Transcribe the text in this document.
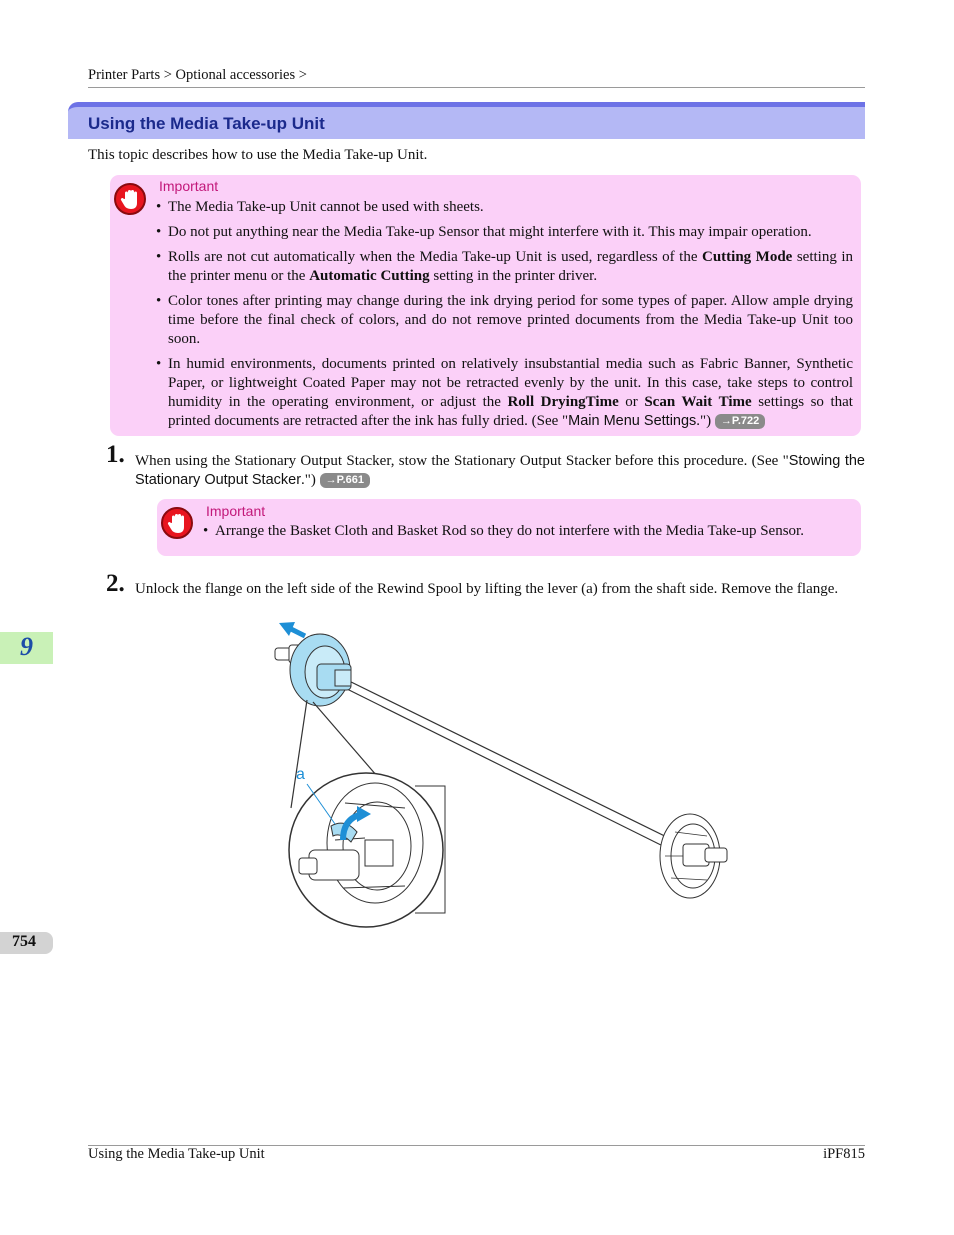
Printer Parts > Optional accessories >
Using the Media Take-up Unit
This topic describes how to use the Media Take-up Unit.
Important
• The Media Take-up Unit cannot be used with sheets.
• Do not put anything near the Media Take-up Sensor that might interfere with it. This may impair operation.
• Rolls are not cut automatically when the Media Take-up Unit is used, regardless of the Cutting Mode setting in the printer menu or the Automatic Cutting setting in the printer driver.
• Color tones after printing may change during the ink drying period for some types of paper. Allow ample drying time before the final check of colors, and do not remove printed documents from the Media Take-up Unit too soon.
• In humid environments, documents printed on relatively insubstantial media such as Fabric Banner, Synthetic Paper, or lightweight Coated Paper may not be retracted evenly by the unit. In this case, take steps to control humidity in the operating environment, or adjust the Roll DryingTime or Scan Wait Time settings so that printed documents are retracted after the ink has fully dried. (See "Main Menu Settings.") →P.722
1. When using the Stationary Output Stacker, stow the Stationary Output Stacker before this procedure. (See "Stowing the Stationary Output Stacker.") →P.661
Important
• Arrange the Basket Cloth and Basket Rod so they do not interfere with the Media Take-up Sensor.
2. Unlock the flange on the left side of the Rewind Spool by lifting the lever (a) from the shaft side. Remove the flange.
a
9
754
Using the Media Take-up Unit	iPF815
